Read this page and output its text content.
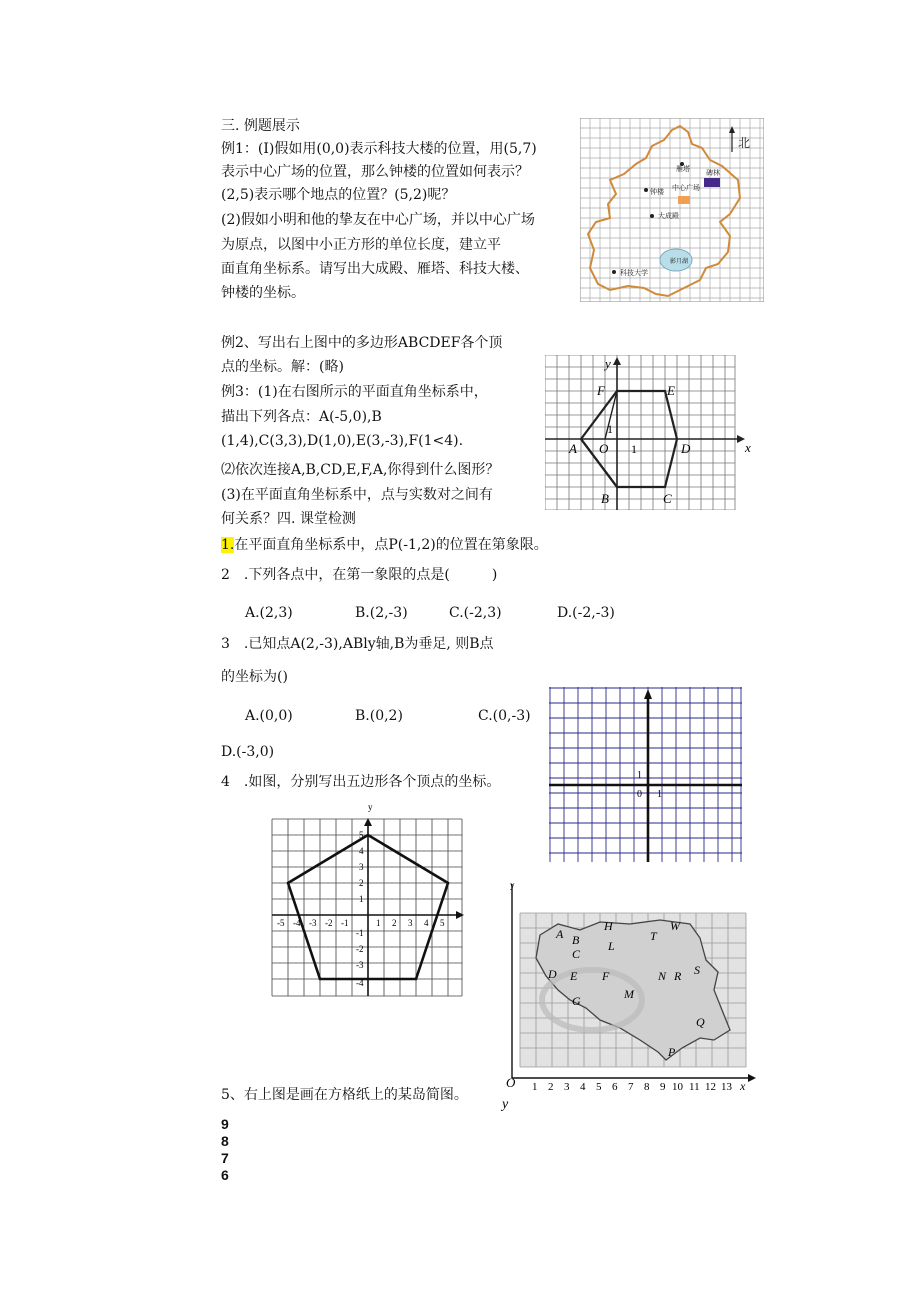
三. 例题展示
例1：(I)假如用(0,0)表示科技大楼的位置，用(5,7)
表示中心广场的位置，那么钟楼的位置如何表示？
(2,5)表示哪个地点的位置？(5,2)呢？
(2)假如小明和他的挚友在中心广场，并以中心广场
为原点，以图中小正方形的单位长度，建立平
面直角坐标系。请写出大成殿、雁塔、科技大楼、
钟楼的坐标。
北
雁塔
钟楼 中心广场
大成殿
碑林
影月湖
科技大学
例2、写出右上图中的多边形ABCDEF各个顶
点的坐标。解：(略)
例3：(1)在右图所示的平面直角坐标系中，
描出下列各点：A(-5,0),B
(1,4),C(3,3),D(1,0),E(3,-3),F(1<4).
⑵依次连接A,B,CD,E,F,A,你得到什么图形？
(3)在平面直角坐标系中，点与实数对之间有
何关系？四. 课堂检测
y
x
F	E
A O 1
1
D
B	C
1.在平面直角坐标系中，点P(-1,2)的位置在第象限。
2　.下列各点中，在第一象限的点是(　　　)
A.(2,3)	B.(2,-3)	C.(-2,3)	D.(-2,-3)
3　.已知点A(2,-3),ABly轴,B为垂足, 则B点
的坐标为()
A.(0,0)	B.(0,2)	C.(0,-3)
D.(-3,0)
1
0 1
4　.如图，分别写出五边形各个顶点的坐标。
y
-5 -4 -3 -2 -1	1 2 3 4 5
5
4
3
2
1
-1
-2
-3
-4
y
A B
C
D E F
G
H
L
M
N
P
Q
R S
T
W
O 1 2 3 4 5 6 7 8 9 10 11 12 13 x
y
5、右上图是画在方格纸上的某岛简图。
9
8
7
6
